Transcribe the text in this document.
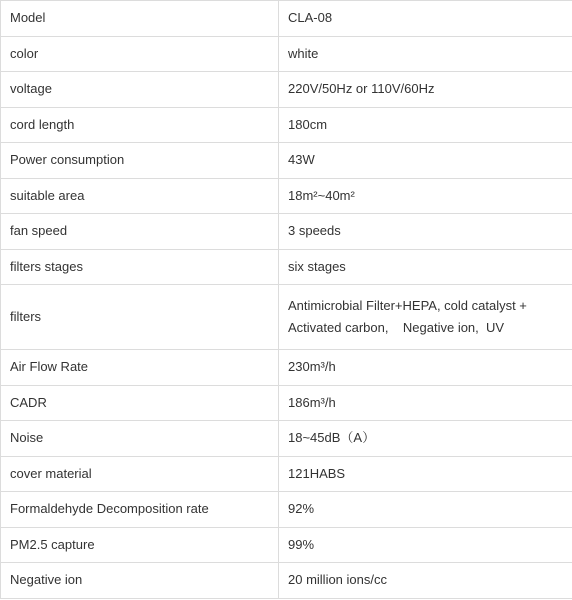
Model	CLA-08
color	white
voltage	220V/50Hz or 110V/60Hz
cord length	180cm
Power consumption	43W
suitable area	18m²~40m²
fan speed	3 speeds
filters stages	six stages
filters	Antimicrobial Filter+HEPA, cold catalyst + Activated carbon,    Negative ion,  UV
Air Flow Rate	230m³/h
CADR	186m³/h
Noise	18~45dB（A）
cover material	121HABS
Formaldehyde Decomposition rate	92%
PM2.5 capture	99%
Negative ion	20 million ions/cc
